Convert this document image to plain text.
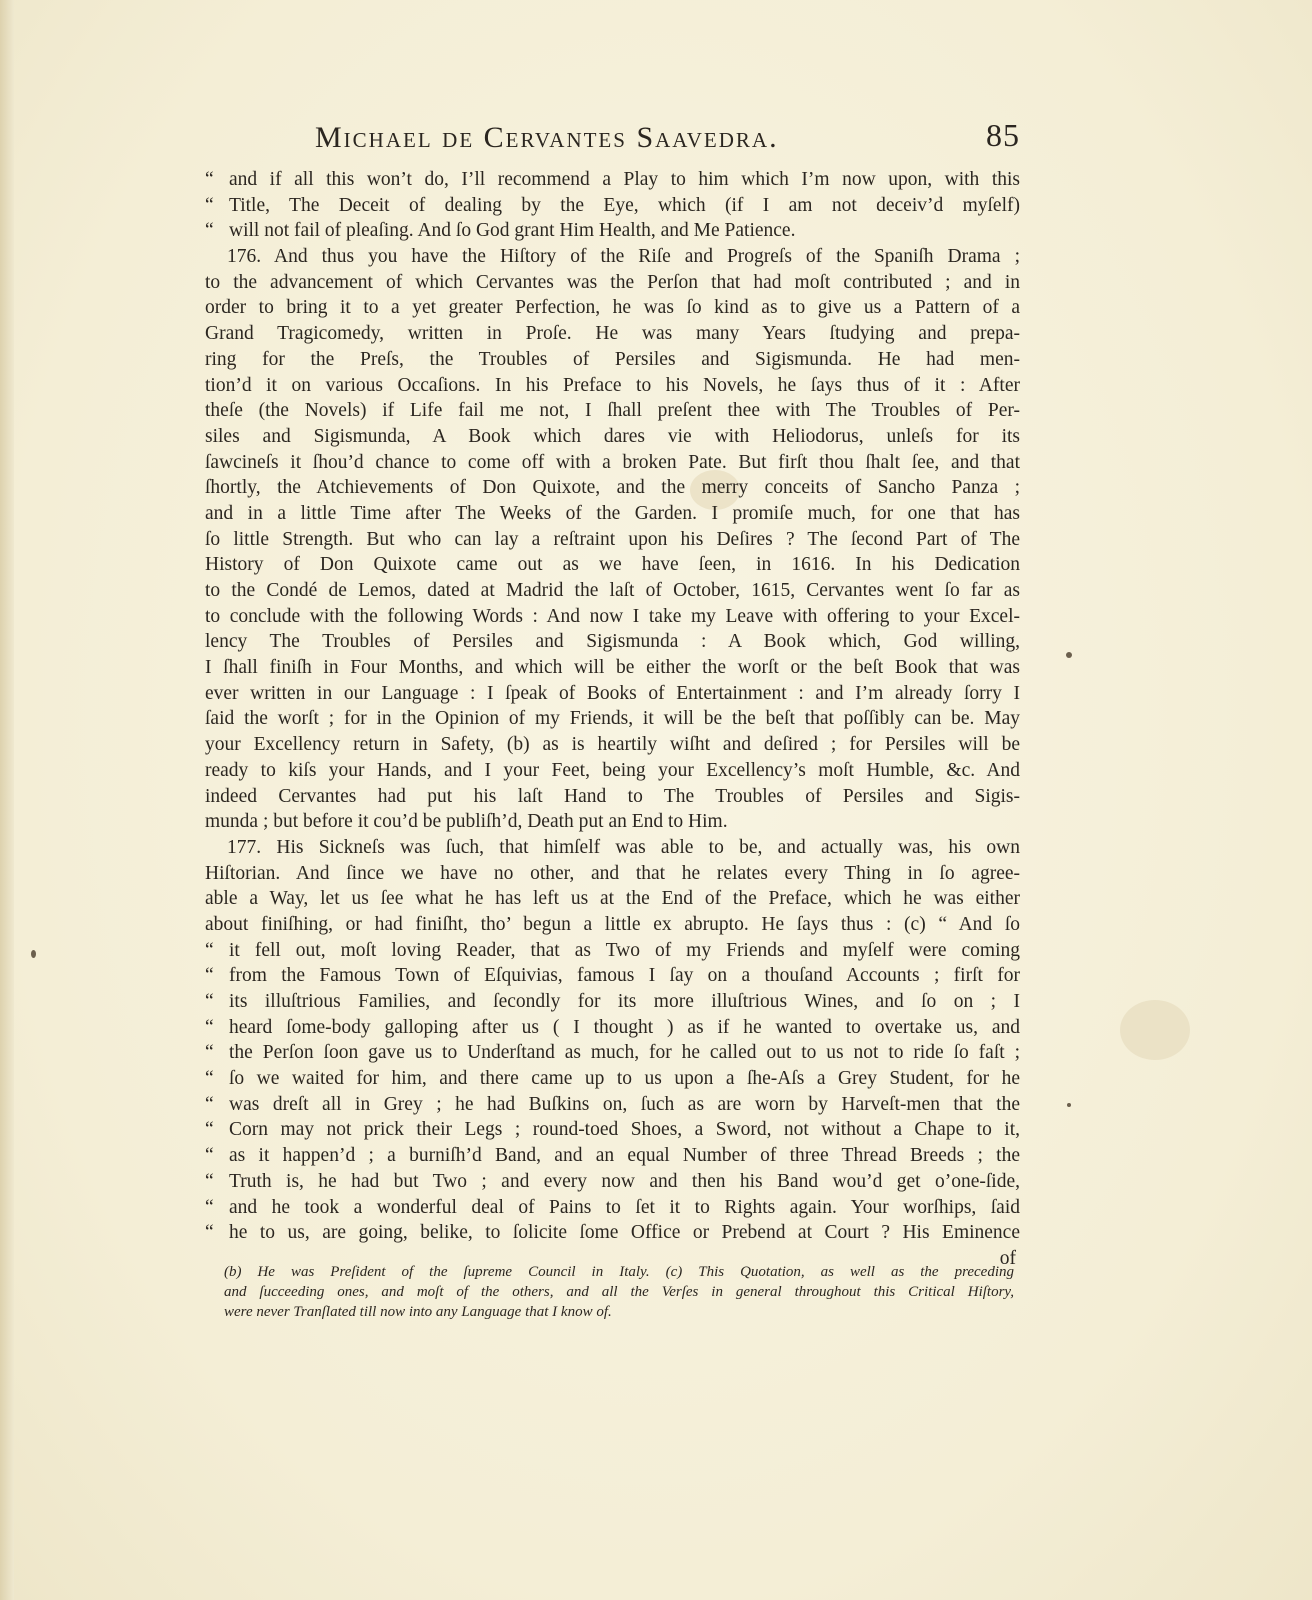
Michael de Cervantes Saavedra.	85
“ and if all this won’t do, I’ll recommend a Play to him which I’m now upon, with this
“ Title, The Deceit of dealing by the Eye, which (if I am not deceiv’d myſelf)
“ will not fail of pleaſing. And ſo God grant Him Health, and Me Patience.
176. And thus you have the Hiſtory of the Riſe and Progreſs of the Spaniſh Drama ;
to the advancement of which Cervantes was the Perſon that had moſt contributed ; and in
order to bring it to a yet greater Perfection, he was ſo kind as to give us a Pattern of a
Grand Tragicomedy, written in Proſe. He was many Years ſtudying and prepa-
ring for the Preſs, the Troubles of Persiles and Sigismunda. He had men-
tion’d it on various Occaſions. In his Preface to his Novels, he ſays thus of it : After
theſe (the Novels) if Life fail me not, I ſhall preſent thee with The Troubles of Per-
siles and Sigismunda, A Book which dares vie with Heliodorus, unleſs for its
ſawcineſs it ſhou’d chance to come off with a broken Pate. But firſt thou ſhalt ſee, and that
ſhortly, the Atchievements of Don Quixote, and the merry conceits of Sancho Panza ;
and in a little Time after The Weeks of the Garden. I promiſe much, for one that has
ſo little Strength. But who can lay a reſtraint upon his Deſires ? The ſecond Part of The
History of Don Quixote came out as we have ſeen, in 1616. In his Dedication
to the Condé de Lemos, dated at Madrid the laſt of October, 1615, Cervantes went ſo far as
to conclude with the following Words : And now I take my Leave with offering to your Excel-
lency The Troubles of Persiles and Sigismunda : A Book which, God willing,
I ſhall finiſh in Four Months, and which will be either the worſt or the beſt Book that was
ever written in our Language : I ſpeak of Books of Entertainment : and I’m already ſorry I
ſaid the worſt ; for in the Opinion of my Friends, it will be the beſt that poſſibly can be. May
your Excellency return in Safety, (b) as is heartily wiſht and deſired ; for Persiles will be
ready to kiſs your Hands, and I your Feet, being your Excellency’s moſt Humble, &c. And
indeed Cervantes had put his laſt Hand to The Troubles of Persiles and Sigis-
munda ; but before it cou’d be publiſh’d, Death put an End to Him.
177. His Sickneſs was ſuch, that himſelf was able to be, and actually was, his own
Hiſtorian. And ſince we have no other, and that he relates every Thing in ſo agree-
able a Way, let us ſee what he has left us at the End of the Preface, which he was either
about finiſhing, or had finiſht, tho’ begun a little ex abrupto. He ſays thus : (c) “ And ſo
“ it fell out, moſt loving Reader, that as Two of my Friends and myſelf were coming
“ from the Famous Town of Eſquivias, famous I ſay on a thouſand Accounts ; firſt for
“ its illuſtrious Families, and ſecondly for its more illuſtrious Wines, and ſo on ; I
“ heard ſome-body galloping after us ( I thought ) as if he wanted to overtake us, and
“ the Perſon ſoon gave us to Underſtand as much, for he called out to us not to ride ſo faſt ;
“ ſo we waited for him, and there came up to us upon a ſhe-Aſs a Grey Student, for he
“ was dreſt all in Grey ; he had Buſkins on, ſuch as are worn by Harveſt-men that the
“ Corn may not prick their Legs ; round-toed Shoes, a Sword, not without a Chape to it,
“ as it happen’d ; a burniſh’d Band, and an equal Number of three Thread Breeds ; the
“ Truth is, he had but Two ; and every now and then his Band wou’d get o’one-ſide,
“ and he took a wonderful deal of Pains to ſet it to Rights again. Your worſhips, ſaid
“ he to us, are going, belike, to ſolicite ſome Office or Prebend at Court ? His Eminence
of
(b) He was Preſident of the ſupreme Council in Italy. (c) This Quotation, as well as the preceding
and ſucceeding ones, and moſt of the others, and all the Verſes in general throughout this Critical Hiſtory,
were never Tranſlated till now into any Language that I know of.
